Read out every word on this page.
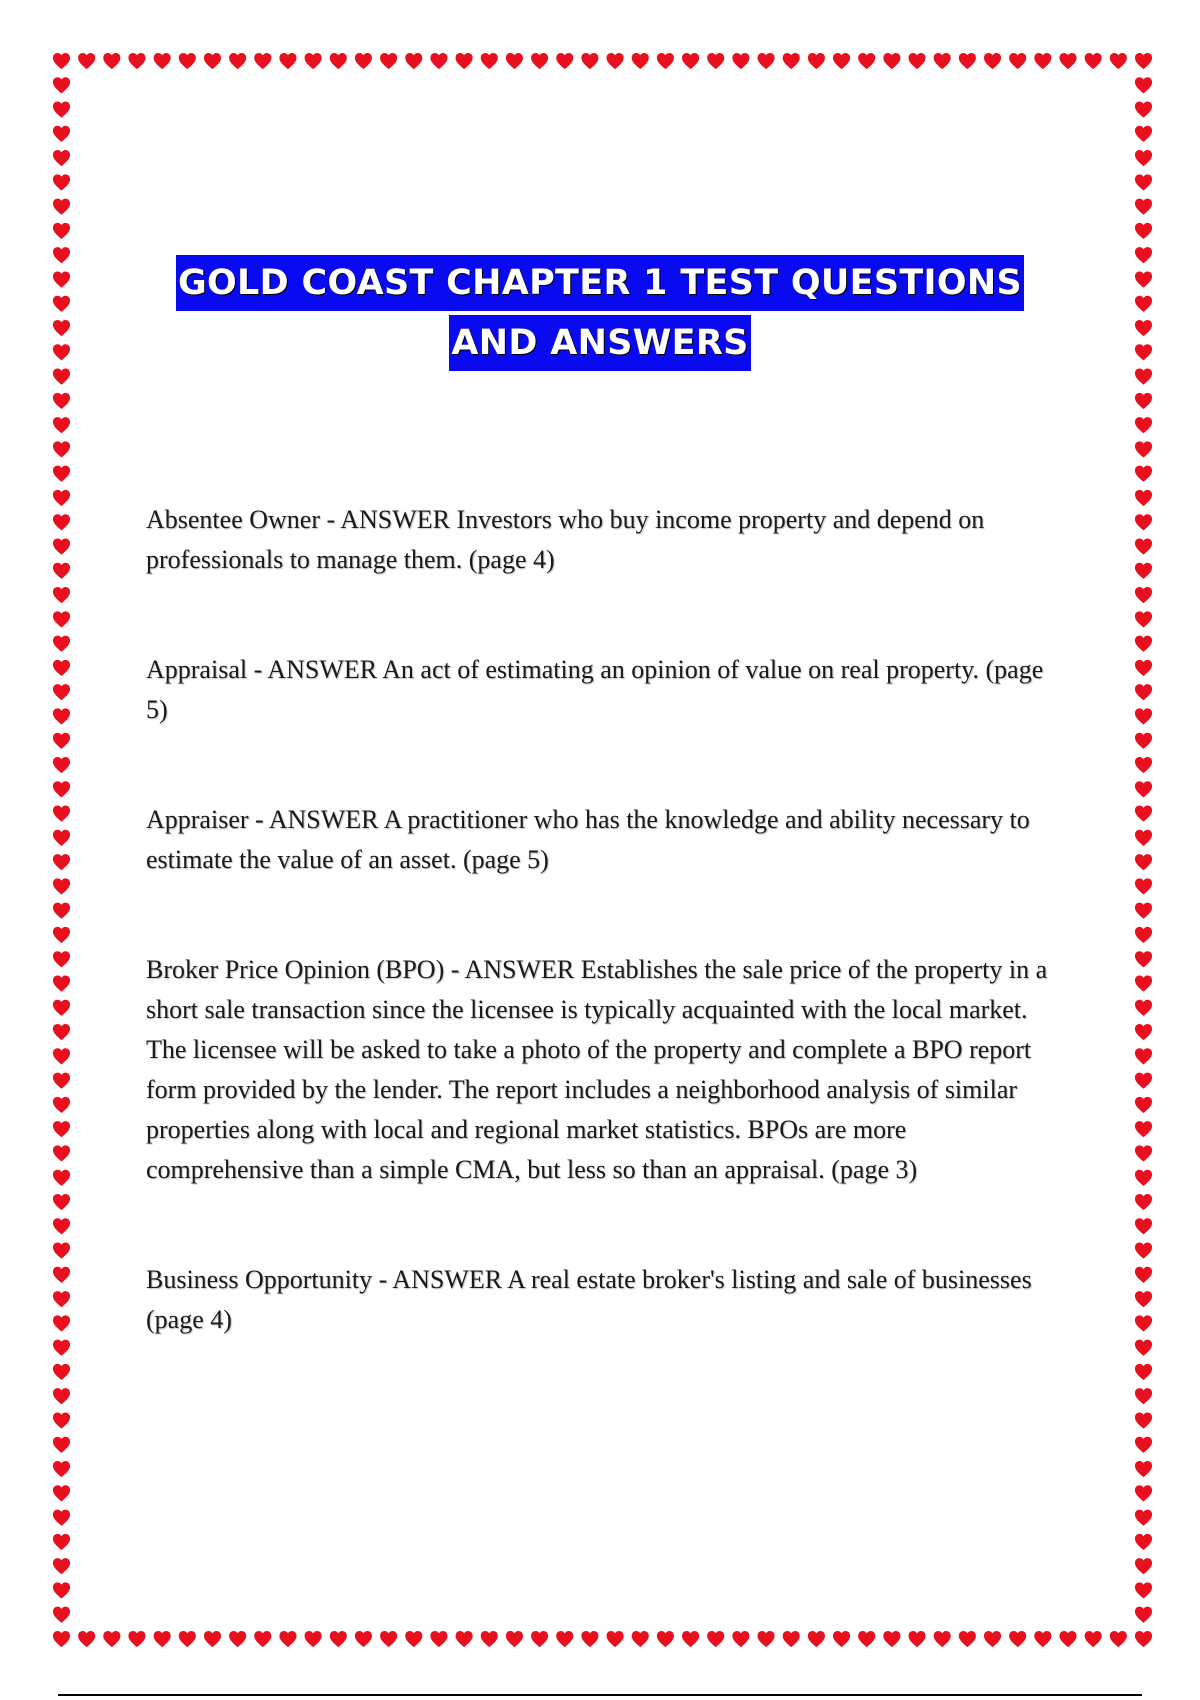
GOLD COAST CHAPTER 1 TEST QUESTIONS
AND ANSWERS

Absentee Owner - ANSWER Investors who buy income property and depend on professionals to manage them. (page 4)

Appraisal - ANSWER An act of estimating an opinion of value on real property. (page 5)

Appraiser - ANSWER A practitioner who has the knowledge and ability necessary to estimate the value of an asset. (page 5)

Broker Price Opinion (BPO) - ANSWER Establishes the sale price of the property in a short sale transaction since the licensee is typically acquainted with the local market. The licensee will be asked to take a photo of the property and complete a BPO report form provided by the lender. The report includes a neighborhood analysis of similar properties along with local and regional market statistics. BPOs are more comprehensive than a simple CMA, but less so than an appraisal. (page 3)

Business Opportunity - ANSWER A real estate broker's listing and sale of businesses (page 4)
